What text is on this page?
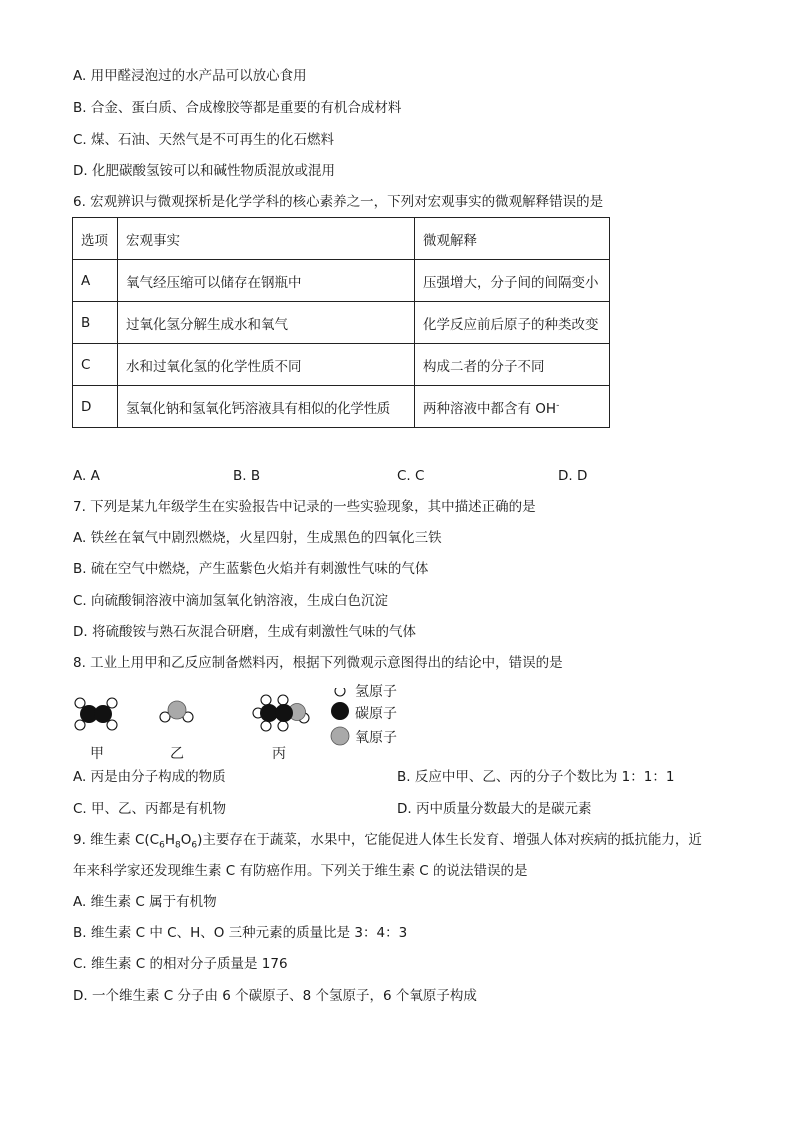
A. 用甲醛浸泡过的水产品可以放心食用
B. 合金、蛋白质、合成橡胶等都是重要的有机合成材料
C. 煤、石油、天然气是不可再生的化石燃料
D. 化肥碳酸氢铵可以和碱性物质混放或混用
6. 宏观辨识与微观探析是化学学科的核心素养之一，下列对宏观事实的微观解释错误的是
选项	宏观事实	微观解释
A	氧气经压缩可以储存在钢瓶中	压强增大，分子间的间隔变小
B	过氧化氢分解生成水和氧气	化学反应前后原子的种类改变
C	水和过氧化氢的化学性质不同	构成二者的分子不同
D	氢氧化钠和氢氧化钙溶液具有相似的化学性质	两种溶液中都含有 OH-
A. A	B. B	C. C	D. D
7. 下列是某九年级学生在实验报告中记录的一些实验现象，其中描述正确的是
A. 铁丝在氧气中剧烈燃烧，火星四射，生成黑色的四氧化三铁
B. 硫在空气中燃烧，产生蓝紫色火焰并有刺激性气味的气体
C. 向硫酸铜溶液中滴加氢氧化钠溶液，生成白色沉淀
D. 将硫酸铵与熟石灰混合研磨，生成有刺激性气味的气体
8. 工业上用甲和乙反应制备燃料丙，根据下列微观示意图得出的结论中，错误的是
氢原子
碳原子
氧原子
甲	乙	丙
A. 丙是由分子构成的物质	B. 反应中甲、乙、丙的分子个数比为 1：1：1
C. 甲、乙、丙都是有机物	D. 丙中质量分数最大的是碳元素
9. 维生素 $C(C_6H_8O_6)$主要存在于蔬菜，水果中，它能促进人体生长发育、增强人体对疾病的抵抗能力，近
年来科学家还发现维生素 C 有防癌作用。下列关于维生素 C 的说法错误的是
A. 维生素 C 属于有机物
B. 维生素 C 中 C、H、O 三种元素的质量比是 3：4：3
C. 维生素 C 的相对分子质量是 176
D. 一个维生素 C 分子由 6 个碳原子、8 个氢原子，6 个氧原子构成
